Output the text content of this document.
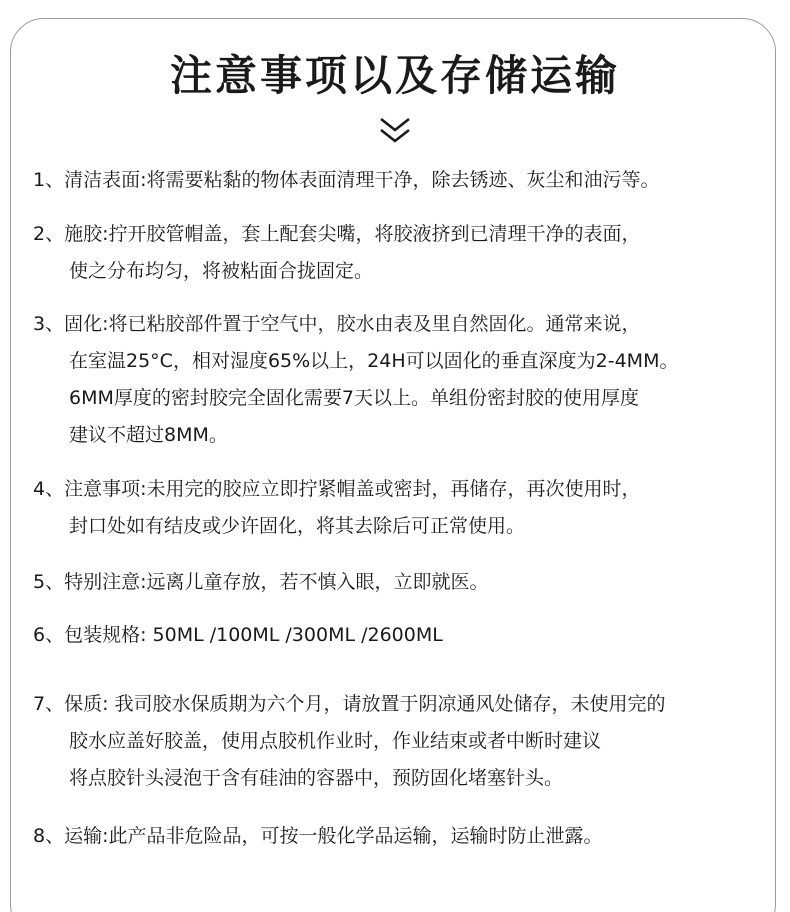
注意事项以及存储运输
1、清洁表面:将需要粘黏的物体表面清理干净，除去锈迹、灰尘和油污等。
2、施胶:拧开胶管帽盖，套上配套尖嘴，将胶液挤到已清理干净的表面，
使之分布均匀，将被粘面合拢固定。
3、固化:将已粘胶部件置于空气中，胶水由表及里自然固化。通常来说，
在室温25°C，相对湿度65%以上，24H可以固化的垂直深度为2-4MM。
6MM厚度的密封胶完全固化需要7天以上。单组份密封胶的使用厚度
建议不超过8MM。
4、注意事项:未用完的胶应立即拧紧帽盖或密封，再储存，再次使用时，
封口处如有结皮或少许固化，将其去除后可正常使用。
5、特别注意:远离儿童存放，若不慎入眼，立即就医。
6、包装规格: 50ML /100ML /300ML /2600ML
7、保质: 我司胶水保质期为六个月，请放置于阴凉通风处储存，未使用完的
胶水应盖好胶盖，使用点胶机作业时，作业结束或者中断时建议
将点胶针头浸泡于含有硅油的容器中，预防固化堵塞针头。
8、运输:此产品非危险品，可按一般化学品运输，运输时防止泄露。
